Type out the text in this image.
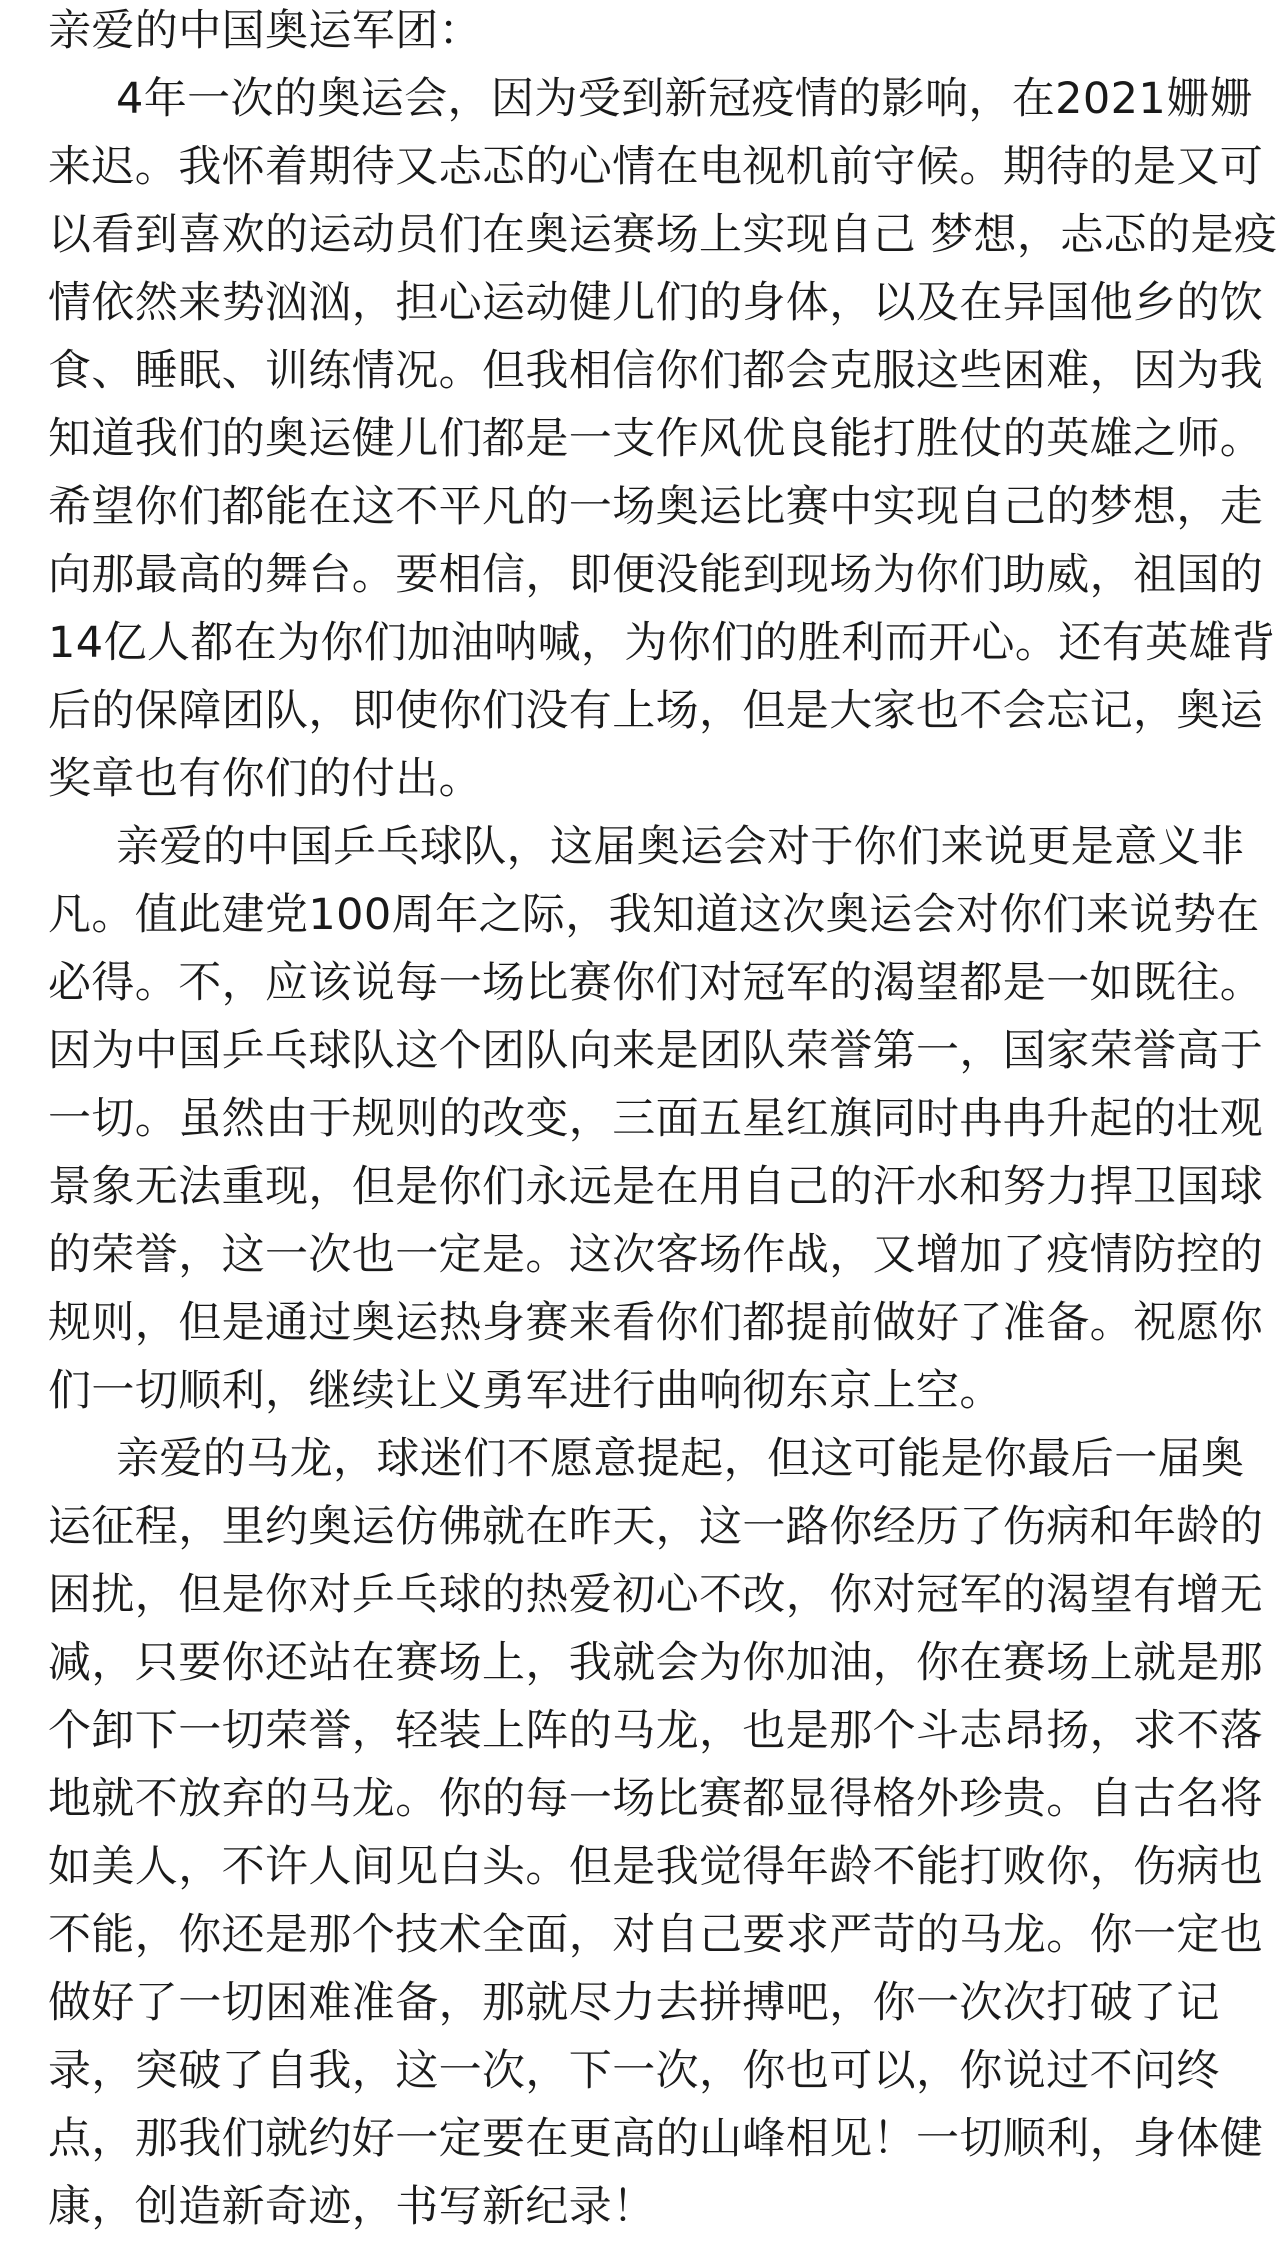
亲爱的中国奥运军团：
4年一次的奥运会，因为受到新冠疫情的影响，在2021姗姗
来迟。我怀着期待又忐忑的心情在电视机前守候。期待的是又可
以看到喜欢的运动员们在奥运赛场上实现自己 梦想，忐忑的是疫
情依然来势汹汹，担心运动健儿们的身体，以及在异国他乡的饮
食、睡眠、训练情况。但我相信你们都会克服这些困难，因为我
知道我们的奥运健儿们都是一支作风优良能打胜仗的英雄之师。
希望你们都能在这不平凡的一场奥运比赛中实现自己的梦想，走
向那最高的舞台。要相信，即便没能到现场为你们助威，祖国的
14亿人都在为你们加油呐喊，为你们的胜利而开心。还有英雄背
后的保障团队，即使你们没有上场，但是大家也不会忘记，奥运
奖章也有你们的付出。
亲爱的中国乒乓球队，这届奥运会对于你们来说更是意义非
凡。值此建党100周年之际，我知道这次奥运会对你们来说势在
必得。不，应该说每一场比赛你们对冠军的渴望都是一如既往。
因为中国乒乓球队这个团队向来是团队荣誉第一，国家荣誉高于
一切。虽然由于规则的改变，三面五星红旗同时冉冉升起的壮观
景象无法重现，但是你们永远是在用自己的汗水和努力捍卫国球
的荣誉，这一次也一定是。这次客场作战，又增加了疫情防控的
规则，但是通过奥运热身赛来看你们都提前做好了准备。祝愿你
们一切顺利，继续让义勇军进行曲响彻东京上空。
亲爱的马龙，球迷们不愿意提起，但这可能是你最后一届奥
运征程，里约奥运仿佛就在昨天，这一路你经历了伤病和年龄的
困扰，但是你对乒乓球的热爱初心不改，你对冠军的渴望有增无
减，只要你还站在赛场上，我就会为你加油，你在赛场上就是那
个卸下一切荣誉，轻装上阵的马龙，也是那个斗志昂扬，求不落
地就不放弃的马龙。你的每一场比赛都显得格外珍贵。自古名将
如美人，不许人间见白头。但是我觉得年龄不能打败你，伤病也
不能，你还是那个技术全面，对自己要求严苛的马龙。你一定也
做好了一切困难准备，那就尽力去拼搏吧，你一次次打破了记
录，突破了自我，这一次，下一次，你也可以，你说过不问终
点，那我们就约好一定要在更高的山峰相见！一切顺利，身体健
康，创造新奇迹，书写新纪录！
